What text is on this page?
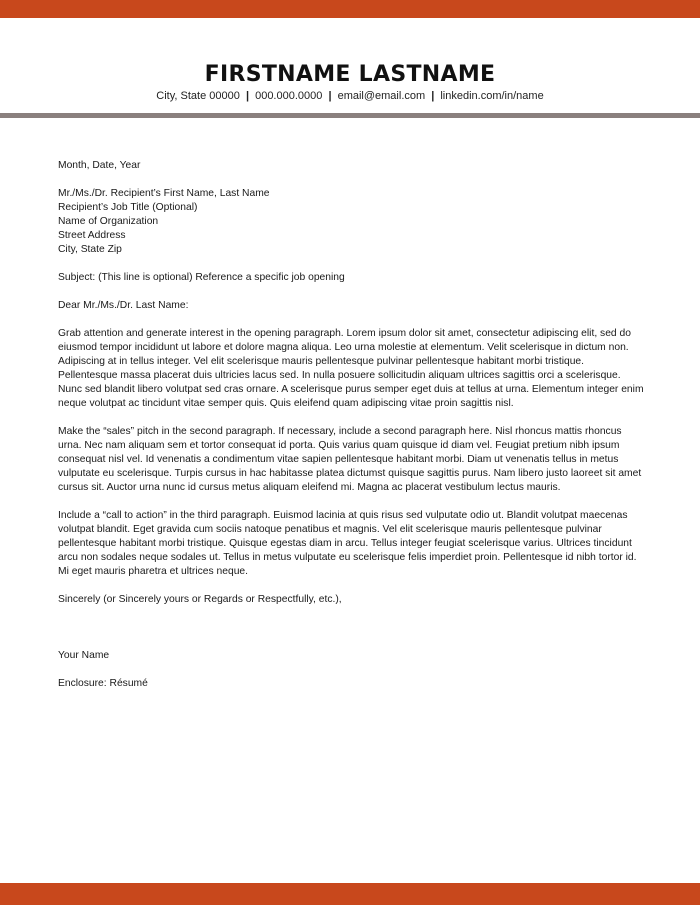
FIRSTNAME LASTNAME
City, State 00000 | 000.000.0000 | email@email.com | linkedin.com/in/name

Month, Date, Year

Mr./Ms./Dr. Recipient’s First Name, Last Name
Recipient’s Job Title (Optional)
Name of Organization
Street Address
City, State Zip

Subject: (This line is optional) Reference a specific job opening

Dear Mr./Ms./Dr. Last Name:

Grab attention and generate interest in the opening paragraph. Lorem ipsum dolor sit amet, consectetur adipiscing elit, sed do eiusmod tempor incididunt ut labore et dolore magna aliqua. Leo urna molestie at elementum. Velit scelerisque in dictum non. Adipiscing at in tellus integer. Vel elit scelerisque mauris pellentesque pulvinar pellentesque habitant morbi tristique. Pellentesque massa placerat duis ultricies lacus sed. In nulla posuere sollicitudin aliquam ultrices sagittis orci a scelerisque. Nunc sed blandit libero volutpat sed cras ornare. A scelerisque purus semper eget duis at tellus at urna. Elementum integer enim neque volutpat ac tincidunt vitae semper quis. Quis eleifend quam adipiscing vitae proin sagittis nisl.

Make the “sales” pitch in the second paragraph. If necessary, include a second paragraph here. Nisl rhoncus mattis rhoncus urna. Nec nam aliquam sem et tortor consequat id porta. Quis varius quam quisque id diam vel. Feugiat pretium nibh ipsum consequat nisl vel. Id venenatis a condimentum vitae sapien pellentesque habitant morbi. Diam ut venenatis tellus in metus vulputate eu scelerisque. Turpis cursus in hac habitasse platea dictumst quisque sagittis purus. Nam libero justo laoreet sit amet cursus sit. Auctor urna nunc id cursus metus aliquam eleifend mi. Magna ac placerat vestibulum lectus mauris.

Include a “call to action” in the third paragraph. Euismod lacinia at quis risus sed vulputate odio ut. Blandit volutpat maecenas volutpat blandit. Eget gravida cum sociis natoque penatibus et magnis. Vel elit scelerisque mauris pellentesque pulvinar pellentesque habitant morbi tristique. Quisque egestas diam in arcu. Tellus integer feugiat scelerisque varius. Ultrices tincidunt arcu non sodales neque sodales ut. Tellus in metus vulputate eu scelerisque felis imperdiet proin. Pellentesque id nibh tortor id. Mi eget mauris pharetra et ultrices neque.

Sincerely (or Sincerely yours or Regards or Respectfully, etc.),

Your Name

Enclosure: Résumé
